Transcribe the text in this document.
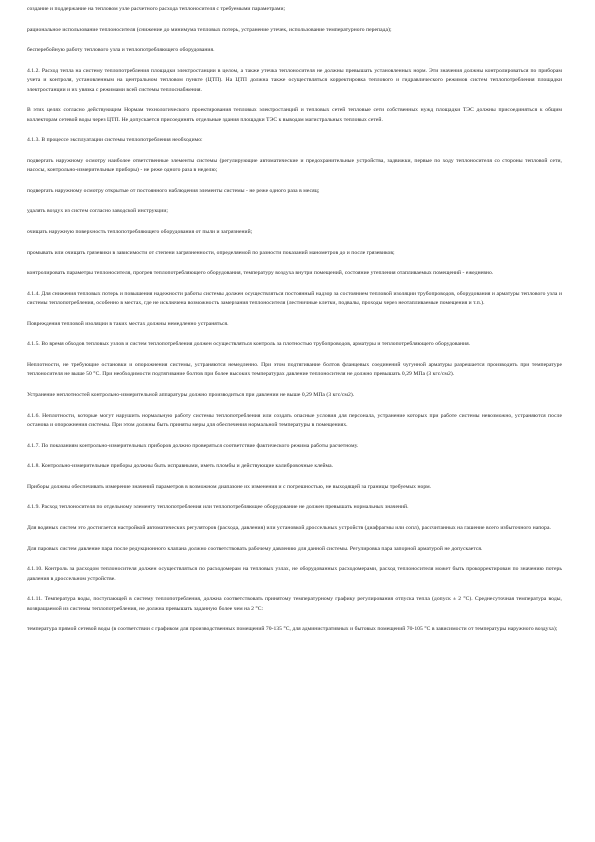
создание и поддержание на тепловом узле расчетного расхода теплоносителя с требуемыми параметрами;

рациональное использование теплоносителя (снижение до минимума тепловых потерь, устранение утечек, использование температурного перепада);

бесперебойную работу теплового узла и теплопотребляющего оборудования.

4.1.2. Расход тепла на систему теплопотребления площадки электростанции в целом, а также утечка теплоносителя не должны превышать установленных норм. Эти значения должны контролироваться по приборам учета и контроля, установленным на центральном тепловом пункте (ЦТП). На ЦТП должна также осуществляться корректировка теплового и гидравлического режимов систем теплопотребления площадки электростанции и их увязка с режимами всей системы теплоснабжения.

В этих целях согласно действующим Нормам технологического проектирования тепловых электростанций и тепловых сетей тепловые сети собственных нужд площадки ТЭС должны присоединяться к общим коллекторам сетевой воды через ЦТП. Не допускается присоединять отдельные здания площадки ТЭС к выводам магистральных тепловых сетей.

4.1.3. В процессе эксплуатации системы теплопотребления необходимо:

подвергать наружному осмотру наиболее ответственные элементы системы (регулирующие автоматические и предохранительные устройства, задвижки, первые по ходу теплоносителя со стороны тепловой сети, насосы, контрольно-измерительные приборы) - не реже одного раза в неделю;

подвергать наружному осмотру открытые от постоянного наблюдения элементы системы - не реже одного раза в месяц;

удалять воздух из систем согласно заводской инструкции;

очищать наружную поверхность теплопотребляющего оборудования от пыли и загрязнений;

промывать или очищать грязевики в зависимости от степени загрязненности, определяемой по разности показаний манометров до и после грязевиков;

контролировать параметры теплоносителя, прогрев теплопотребляющего оборудования, температуру воздуха внутри помещений, состояние утепления отапливаемых помещений - ежедневно.

4.1.4. Для снижения тепловых потерь и повышения надежности работы системы должен осуществляться постоянный надзор за состоянием тепловой изоляции трубопроводов, оборудования и арматуры теплового узла и системы теплопотребления, особенно в местах, где не исключена возможность замерзания теплоносителя (лестничные клетки, подвалы, проходы через неотапливаемые помещения и т.п.).

Повреждения тепловой изоляции в таких местах должны немедленно устраняться.

4.1.5. Во время обходов тепловых узлов и систем теплопотребления должен осуществляться контроль за плотностью трубопроводов, арматуры и теплопотребляющего оборудования.

Неплотности, не требующие остановки и опорожнения системы, устраняются немедленно. При этом подтягивание болтов фланцевых соединений чугунной арматуры разрешается производить при температуре теплоносителя не выше 50 °С. При необходимости подтягивание болтов при более высоких температурах давление теплоносителя не должно превышать 0,29 МПа (3 кгс/см2).

Устранение неплотностей контрольно-измерительной аппаратуры должно производиться при давлении не выше 0,29 МПа (3 кгс/см2).

4.1.6. Неплотности, которые могут нарушить нормальную работу системы теплопотребления или создать опасные условия для персонала, устранение которых при работе системы невозможно, устраняются после останова и опорожнения системы. При этом должны быть приняты меры для обеспечения нормальной температуры в помещениях.

4.1.7. По показаниям контрольно-измерительных приборов должно проверяться соответствие фактического режима работы расчетному.

4.1.8. Контрольно-измерительные приборы должны быть исправными, иметь пломбы и действующие калибровочные клейма.

Приборы должны обеспечивать измерение значений параметров в возможном диапазоне их изменения и с погрешностью, не выходящей за границы требуемых норм.

4.1.9. Расход теплоносителя по отдельному элементу теплопотребления или теплопотребляющее оборудование не должен превышать нормальных значений.

Для водяных систем это достигается настройкой автоматических регуляторов (расхода, давления) или установкой дроссельных устройств (диафрагмы или сопл), рассчитанных на гашение всего избыточного напора.

Для паровых систем давление пара после редукционного клапана должно соответствовать рабочему давлению для данной системы. Регулировка пара запорной арматурой не допускается.

4.1.10. Контроль за расходом теплоносителя должен осуществляться по расходомерам на тепловых узлах, не оборудованных расходомерами, расход теплоносителя может быть прокорректирован по значению потерь давления в дроссельном устройстве.

4.1.11. Температура воды, поступающей в систему теплопотребления, должна соответствовать принятому температурному графику регулирования отпуска тепла (допуск ± 2 °С). Среднесуточная температура воды, возвращаемой из системы теплопотребления, не должна превышать заданную более чем на 2 °С:

температура прямой сетевой воды (в соответствии с графиком для производственных помещений 70-135 °С, для административных и бытовых помещений 70-105 °С в зависимости от температуры наружного воздуха);
